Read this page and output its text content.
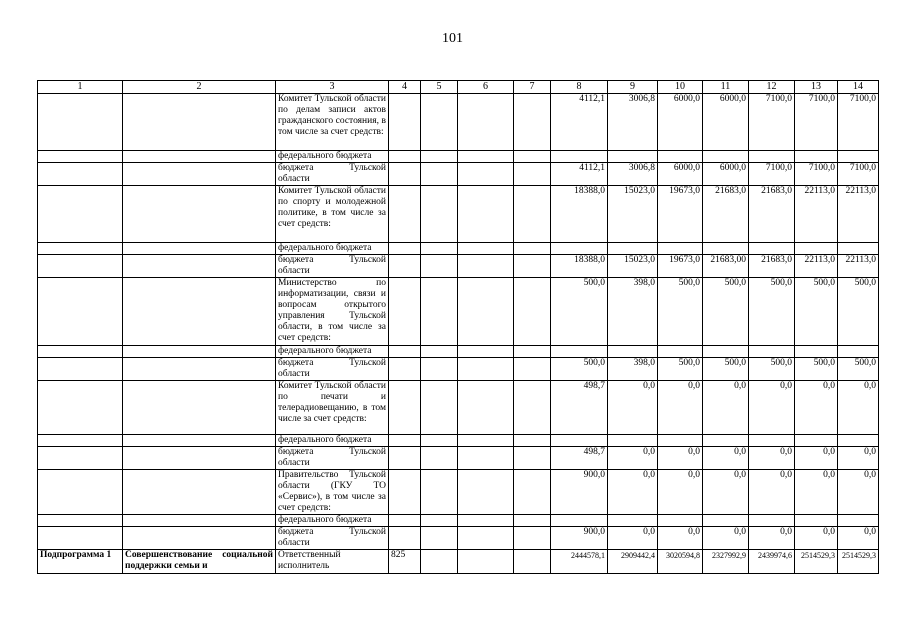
101
1	2	3	4	5	6	7	8	9	10	11	12	13	14
		Комитет Тульской области по делам записи актов гражданского состояния, в том числе за счет средств:					4112,1	3006,8	6000,0	6000,0	7100,0	7100,0	7100,0
		федерального бюджета											
		бюджета Тульской области					4112,1	3006,8	6000,0	6000,0	7100,0	7100,0	7100,0
		Комитет Тульской области по спорту и молодежной политике, в том числе за счет средств:					18388,0	15023,0	19673,0	21683,0	21683,0	22113,0	22113,0
		федерального бюджета											
		бюджета Тульской области					18388,0	15023,0	19673,0	21683,00	21683,0	22113,0	22113,0
		Министерство по информатизации, связи и вопросам открытого управления Тульской области, в том числе за счет средств:					500,0	398,0	500,0	500,0	500,0	500,0	500,0
		федерального бюджета											
		бюджета Тульской области					500,0	398,0	500,0	500,0	500,0	500,0	500,0
		Комитет Тульской области по печати и телерадиовещанию, в том числе за счет средств:					498,7	0,0	0,0	0,0	0,0	0,0	0,0
		федерального бюджета											
		бюджета Тульской области					498,7	0,0	0,0	0,0	0,0	0,0	0,0
		Правительство Тульской области (ГКУ ТО «Сервис»), в том числе за счет средств:					900,0	0,0	0,0	0,0	0,0	0,0	0,0
		федерального бюджета											
		бюджета Тульской области					900,0	0,0	0,0	0,0	0,0	0,0	0,0
Подпрограмма 1	Совершенствование социальной поддержки семьи и	Ответственный исполнитель	825				2444578,1	2909442,4	3020594,8	2327992,9	2439974,6	2514529,3	2514529,3
